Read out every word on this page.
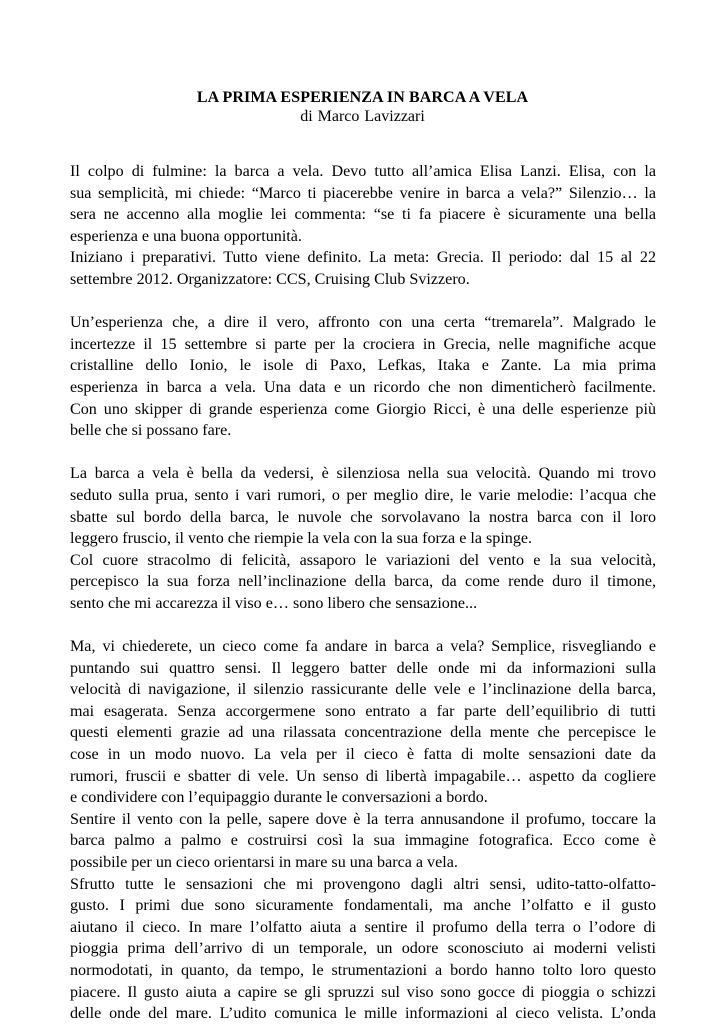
LA PRIMA ESPERIENZA IN BARCA A VELA
di Marco Lavizzari
Il colpo di fulmine: la barca a vela. Devo tutto all’amica Elisa Lanzi. Elisa, con la
sua semplicità, mi chiede: “Marco ti piacerebbe venire in barca a vela?” Silenzio… la
sera ne accenno alla moglie lei commenta: “se ti fa piacere è sicuramente una bella
esperienza e una buona opportunità.
Iniziano i preparativi. Tutto viene definito. La meta: Grecia. Il periodo: dal 15 al 22
settembre 2012. Organizzatore: CCS, Cruising Club Svizzero.
Un’esperienza che, a dire il vero, affronto con una certa “tremarela”. Malgrado le
incertezze il 15 settembre si parte per la crociera in Grecia, nelle magnifiche acque
cristalline dello Ionio, le isole di Paxo, Lefkas, Itaka e Zante. La mia prima
esperienza in barca a vela. Una data e un ricordo che non dimenticherò facilmente.
Con uno skipper di grande esperienza come Giorgio Ricci, è una delle esperienze più
belle che si possano fare.
La barca a vela è bella da vedersi, è silenziosa nella sua velocità. Quando mi trovo
seduto sulla prua, sento i vari rumori, o per meglio dire, le varie melodie: l’acqua che
sbatte sul bordo della barca, le nuvole che sorvolavano la nostra barca con il loro
leggero fruscio, il vento che riempie la vela con la sua forza e la spinge.
Col cuore stracolmo di felicità, assaporo le variazioni del vento e la sua velocità,
percepisco la sua forza nell’inclinazione della barca, da come rende duro il timone,
sento che mi accarezza il viso e… sono libero che sensazione...
Ma, vi chiederete, un cieco come fa andare in barca a vela? Semplice, risvegliando e
puntando sui quattro sensi. Il leggero batter delle onde mi da informazioni sulla
velocità di navigazione, il silenzio rassicurante delle vele e l’inclinazione della barca,
mai esagerata. Senza accorgermene sono entrato a far parte dell’equilibrio di tutti
questi elementi grazie ad una rilassata concentrazione della mente che percepisce le
cose in un modo nuovo. La vela per il cieco è fatta di molte sensazioni date da
rumori, fruscii e sbatter di vele. Un senso di libertà impagabile… aspetto da cogliere
e condividere con l’equipaggio durante le conversazioni a bordo.
Sentire il vento con la pelle, sapere dove è la terra annusandone il profumo, toccare la
barca palmo a palmo e costruirsi così la sua immagine fotografica. Ecco come è
possibile per un cieco orientarsi in mare su una barca a vela.
Sfrutto tutte le sensazioni che mi provengono dagli altri sensi, udito-tatto-olfatto-
gusto. I primi due sono sicuramente fondamentali, ma anche l’olfatto e il gusto
aiutano il cieco. In mare l’olfatto aiuta a sentire il profumo della terra o l’odore di
pioggia prima dell’arrivo di un temporale, un odore sconosciuto ai moderni velisti
normodotati, in quanto, da tempo, le strumentazioni a bordo hanno tolto loro questo
piacere. Il gusto aiuta a capire se gli spruzzi sul viso sono gocce di pioggia o schizzi
delle onde del mare. L’udito comunica le mille informazioni al cieco velista. L’onda
